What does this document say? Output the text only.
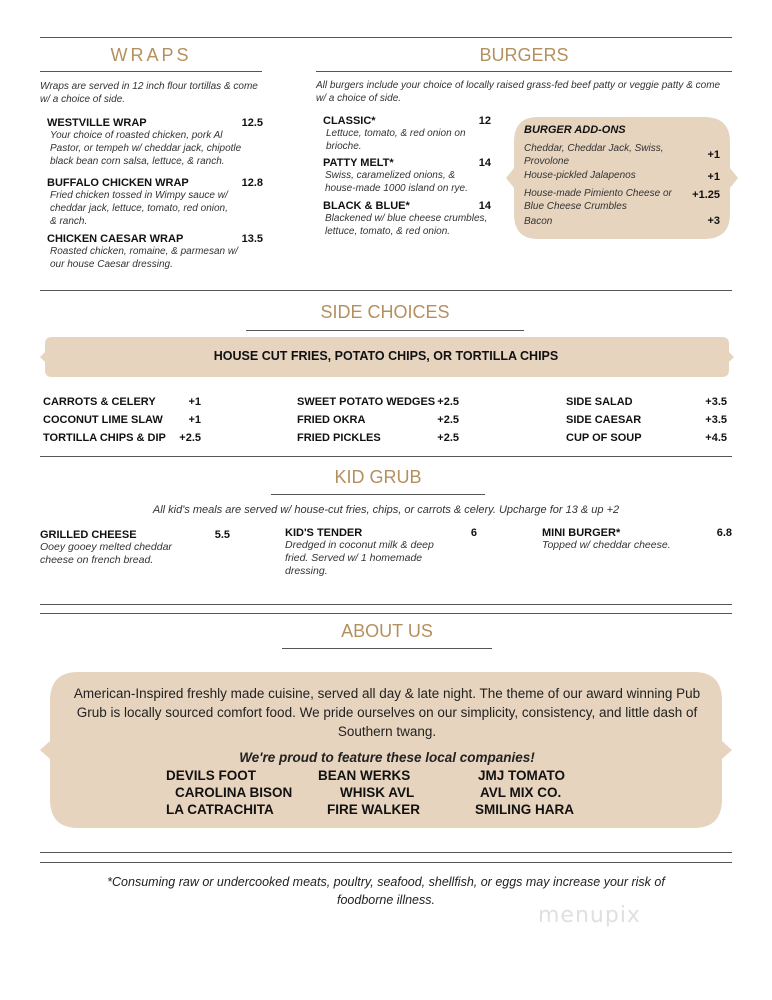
WRAPS
Wraps are served in 12 inch flour tortillas & come w/ a choice of side.
WESTVILLE WRAP	12.5
Your choice of roasted chicken, pork Al Pastor, or tempeh w/ cheddar jack, chipotle black bean corn salsa, lettuce, & ranch.
BUFFALO CHICKEN WRAP	12.8
Fried chicken tossed in Wimpy sauce w/ cheddar jack, lettuce, tomato, red onion, & ranch.
CHICKEN CAESAR WRAP	13.5
Roasted chicken, romaine, & parmesan w/ our house Caesar dressing.
BURGERS
All burgers include your choice of locally raised grass-fed beef patty or veggie patty & come w/ a choice of side.
CLASSIC*	12
Lettuce, tomato, & red onion on brioche.
PATTY MELT*	14
Swiss, caramelized onions, & house-made 1000 island on rye.
BLACK & BLUE*	14
Blackened w/ blue cheese crumbles, lettuce, tomato, & red onion.
BURGER ADD-ONS
Cheddar, Cheddar Jack, Swiss, Provolone
+1
House-pickled Jalapenos	+1
House-made Pimiento Cheese or Blue Cheese Crumbles
+1.25
Bacon	+3
SIDE CHOICES
HOUSE CUT FRIES, POTATO CHIPS, OR TORTILLA CHIPS
CARROTS & CELERY	+1
COCONUT LIME SLAW	+1
TORTILLA CHIPS & DIP	+2.5
SWEET POTATO WEDGES +2.5
FRIED OKRA	+2.5
FRIED PICKLES	+2.5
SIDE SALAD	+3.5
SIDE CAESAR	+3.5
CUP OF SOUP	+4.5
KID GRUB
All kid's meals are served w/ house-cut fries, chips, or carrots & celery. Upcharge for 13 & up +2
GRILLED CHEESE	5.5
Ooey gooey melted cheddar cheese on french bread.
KID'S TENDER	6
Dredged in coconut milk & deep fried. Served w/ 1 homemade dressing.
MINI BURGER*	6.8
Topped w/ cheddar cheese.
ABOUT US
American-Inspired freshly made cuisine, served all day & late night. The theme of our award winning Pub Grub is locally sourced comfort food. We pride ourselves on our simplicity, consistency, and little dash of Southern twang.
We're proud to feature these local companies!
DEVILS FOOT	BEAN WERKS	JMJ TOMATO
CAROLINA BISON	WHISK AVL	AVL MIX CO.
LA CATRACHITA	FIRE WALKER	SMILING HARA
*Consuming raw or undercooked meats, poultry, seafood, shellfish, or eggs may increase your risk of foodborne illness.
menupix
